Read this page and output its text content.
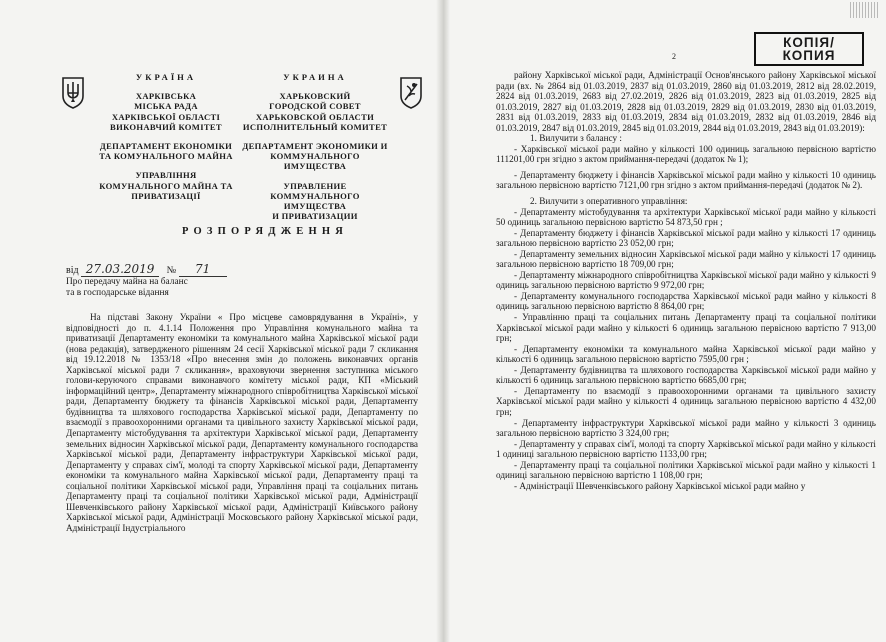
УКРАЇНА
ХАРКІВСЬКА
МІСЬКА РАДА
ХАРКІВСЬКОЇ ОБЛАСТІ
ВИКОНАВЧИЙ КОМІТЕТ
ДЕПАРТАМЕНТ ЕКОНОМІКИ
ТА КОМУНАЛЬНОГО МАЙНА
УПРАВЛІННЯ
КОМУНАЛЬНОГО МАЙНА ТА
ПРИВАТИЗАЦІЇ
УКРАИНА
ХАРЬКОВСКИЙ
ГОРОДСКОЙ СОВЕТ
ХАРЬКОВСКОЙ ОБЛАСТИ
ИСПОЛНИТЕЛЬНЫЙ КОМИТЕТ
ДЕПАРТАМЕНТ ЭКОНОМИКИ И
КОММУНАЛЬНОГО ИМУЩЕСТВА
УПРАВЛЕНИЕ
КОММУНАЛЬНОГО ИМУЩЕСТВА
И ПРИВАТИЗАЦИИ
РОЗПОРЯДЖЕННЯ
від 27.03.2019 № 71
Про передачу майна на баланс
та в господарське відання
На підставі Закону України « Про місцеве самоврядування в Україні», у відповідності до п. 4.1.14 Положення про Управління комунального майна та приватизації Департаменту економіки та комунального майна Харківської міської ради (нова редакція), затвердженого рішенням 24 сесії Харківської міської ради 7 скликання від 19.12.2018 № 1353/18 «Про внесення змін до положень виконавчих органів Харківської міської ради 7 скликання», враховуючи звернення заступника міського голови-керуючого справами виконавчого комітету міської ради, КП «Міський інформаційний центр», Департаменту міжнародного співробітництва Харківської міської ради, Департаменту бюджету та фінансів Харківської міської ради, Департаменту будівництва та шляхового господарства Харківської міської ради, Департаменту по взаємодії з правоохоронними органами та цивільного захисту Харківської міської ради, Департаменту містобудування та архітектури Харківської міської ради, Департаменту земельних відносин Харківської міської ради, Департаменту комунального господарства Харківської міської ради, Департаменту інфраструктури Харківської міської ради, Департаменту у справах сім'ї, молоді та спорту Харківської міської ради, Департаменту економіки та комунального майна Харківської міської ради, Департаменту праці та соціальної політики Харківської міської ради, Управління праці та соціальних питань Департаменту праці та соціальної політики Харківської міської ради, Адміністрації Шевченківського району Харківської міської ради, Адміністрації Київського району Харківської міської ради, Адміністрації Московського району Харківської міської ради, Адміністрації Індустріального
2
КОПІЯ/
КОПИЯ

району Харківської міської ради, Адміністрації Основ'янського району Харківської міської ради (вх. № 2864 від 01.03.2019, 2837 від 01.03.2019, 2860 від 01.03.2019, 2812 від 28.02.2019, 2824 від 01.03.2019, 2683 від 27.02.2019, 2826 від 01.03.2019, 2823 від 01.03.2019, 2825 від 01.03.2019, 2827 від 01.03.2019, 2828 від 01.03.2019, 2829 від 01.03.2019, 2830 від 01.03.2019, 2831 від 01.03.2019, 2833 від 01.03.2019, 2834 від 01.03.2019, 2832 від 01.03.2019, 2846 від 01.03.2019, 2847 від 01.03.2019, 2845 від 01.03.2019, 2844 від 01.03.2019, 2843 від 01.03.2019):

1. Вилучити з балансу :

- Харківської міської ради майно у кількості 100 одиниць загальною первісною вартістю 111201,00 грн згідно з актом приймання-передачі (додаток № 1);

- Департаменту бюджету і фінансів Харківської міської ради майно у кількості 10 одиниць загальною первісною вартістю 7121,00 грн згідно з актом приймання-передачі (додаток № 2).

2. Вилучити з оперативного управління:

- Департаменту містобудування та архітектури Харківської міської ради майно у кількості 50 одиниць загальною первісною вартістю 54 873,50 грн ;

- Департаменту бюджету і фінансів Харківської міської ради майно у кількості 17 одиниць загальною первісною вартістю 23 052,00 грн;

- Департаменту земельних відносин Харківської міської ради майно у кількості 17 одиниць загальною первісною вартістю 18 709,00 грн;

- Департаменту міжнародного співробітництва Харківської міської ради майно у кількості 9 одиниць загальною первісною вартістю 9 972,00 грн;

- Департаменту комунального господарства Харківської міської ради майно у кількості 8 одиниць загальною первісною вартістю 8 864,00 грн;

- Управлінню праці та соціальних питань Департаменту праці та соціальної політики Харківської міської ради майно у кількості 6 одиниць загальною первісною вартістю 7 913,00 грн;

- Департаменту економіки та комунального майна Харківської міської ради майно у кількості 6 одиниць загальною первісною вартістю 7595,00 грн ;

- Департаменту будівництва та шляхового господарства Харківської міської ради майно у кількості 6 одиниць загальною первісною вартістю 6685,00 грн;

- Департаменту по взаємодії з правоохоронними органами та цивільного захисту Харківської міської ради майно у кількості 4 одиниць загальною первісною вартістю 4 432,00 грн;

- Департаменту інфраструктури Харківської міської ради майно у кількості 3 одиниць загальною первісною вартістю 3 324,00 грн;

- Департаменту у справах сім'ї, молоді та спорту Харківської міської ради майно у кількості 1 одиниці загальною первісною вартістю 1133,00 грн;

- Департаменту праці та соціальної політики Харківської міської ради майно у кількості 1 одиниці загальною первісною вартістю 1 108,00 грн;

- Адміністрації Шевченківського району Харківської міської ради майно у
